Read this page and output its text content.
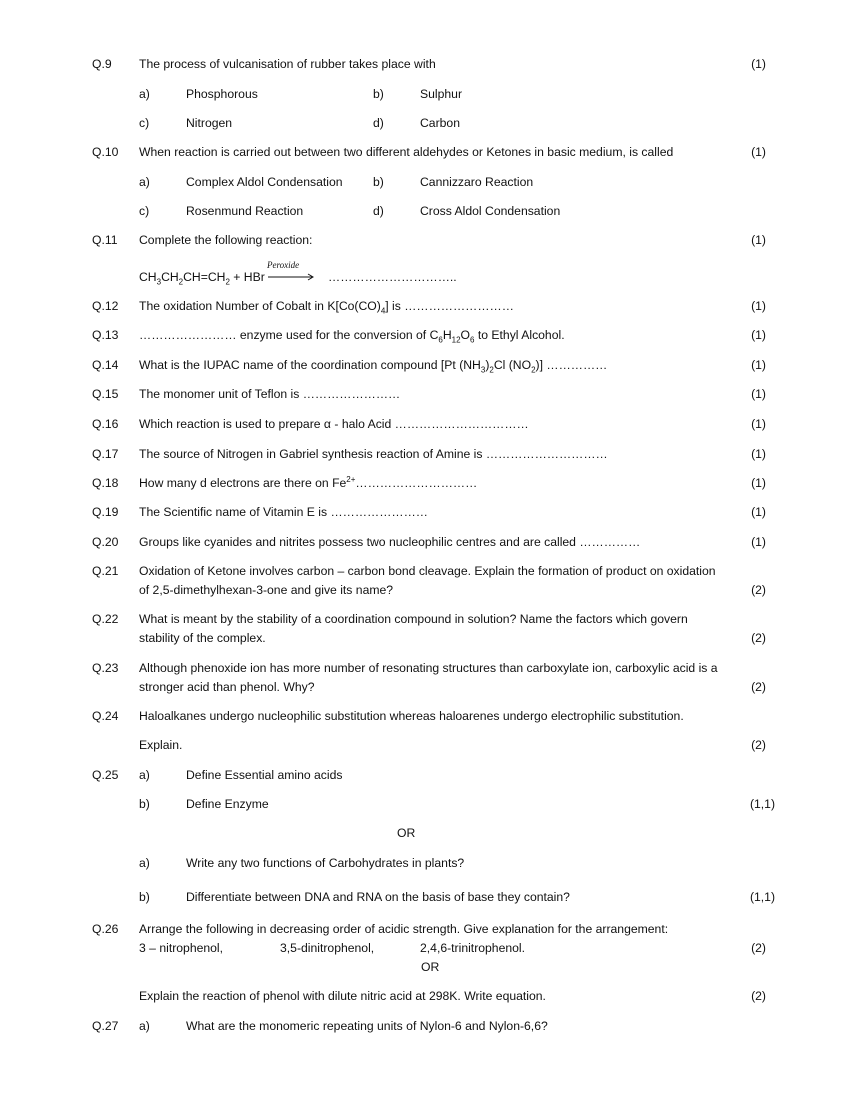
Q.9 The process of vulcanisation of rubber takes place with	(1)
a)	Phosphorous	b)	Sulphur
c)	Nitrogen	d)	Carbon
Q.10 When reaction is carried out between two different aldehydes or Ketones in basic medium, is called	(1)
a)	Complex Aldol Condensation b)	Cannizzaro Reaction
c)	Rosenmund Reaction	d)	Cross Aldol Condensation
Q.11 Complete the following reaction:	(1)
$CH_3CH_2CH=CH_2$ + HBr
Peroxide
…………………………..
Q.12 The oxidation Number of Cobalt in $K[Co(CO)_4]$ is ………………………	(1)
Q.13 …………………… enzyme used for the conversion of $C_6H_{12}O_6$ to Ethyl Alcohol.	(1)
Q.14 What is the IUPAC name of the coordination compound [Pt $(NH_3)_2Cl$ $(NO_2)$] ……………	(1)
Q.15 The monomer unit of Teflon is ……………………	(1)
Q.16 Which reaction is used to prepare α - halo Acid ……………………………	(1)
Q.17 The source of Nitrogen in Gabriel synthesis reaction of Amine is …………………………	(1)
Q.18 How many d electrons are there on $Fe^{2+}\dots\dots\dots\dots\dots\dots\dots\dots\dots\dots$	(1)
Q.19 The Scientific name of Vitamin E is ……………………	(1)
Q.20 Groups like cyanides and nitrites possess two nucleophilic centres and are called ……………	(1)
Q.21 Oxidation of Ketone involves carbon – carbon bond cleavage. Explain the formation of product on oxidation
of 2,5-dimethylhexan-3-one and give its name?	(2)
Q.22 What is meant by the stability of a coordination compound in solution? Name the factors which govern
stability of the complex.	(2)
Q.23 Although phenoxide ion has more number of resonating structures than carboxylate ion, carboxylic acid is a
stronger acid than phenol. Why?	(2)
Q.24 Haloalkanes undergo nucleophilic substitution whereas haloarenes undergo electrophilic substitution.
Explain.	(2)
Q.25 a)	Define Essential amino acids
b)	Define Enzyme	(1,1)
OR
a)	Write any two functions of Carbohydrates in plants?
b)	Differentiate between DNA and RNA on the basis of base they contain?	(1,1)
Q.26 Arrange the following in decreasing order of acidic strength. Give explanation for the arrangement:
3 – nitrophenol,	3,5-dinitrophenol,	2,4,6-trinitrophenol.	(2)
OR
Explain the reaction of phenol with dilute nitric acid at 298K. Write equation.	(2)
Q.27 a)	What are the monomeric repeating units of Nylon-6 and Nylon-6,6?
